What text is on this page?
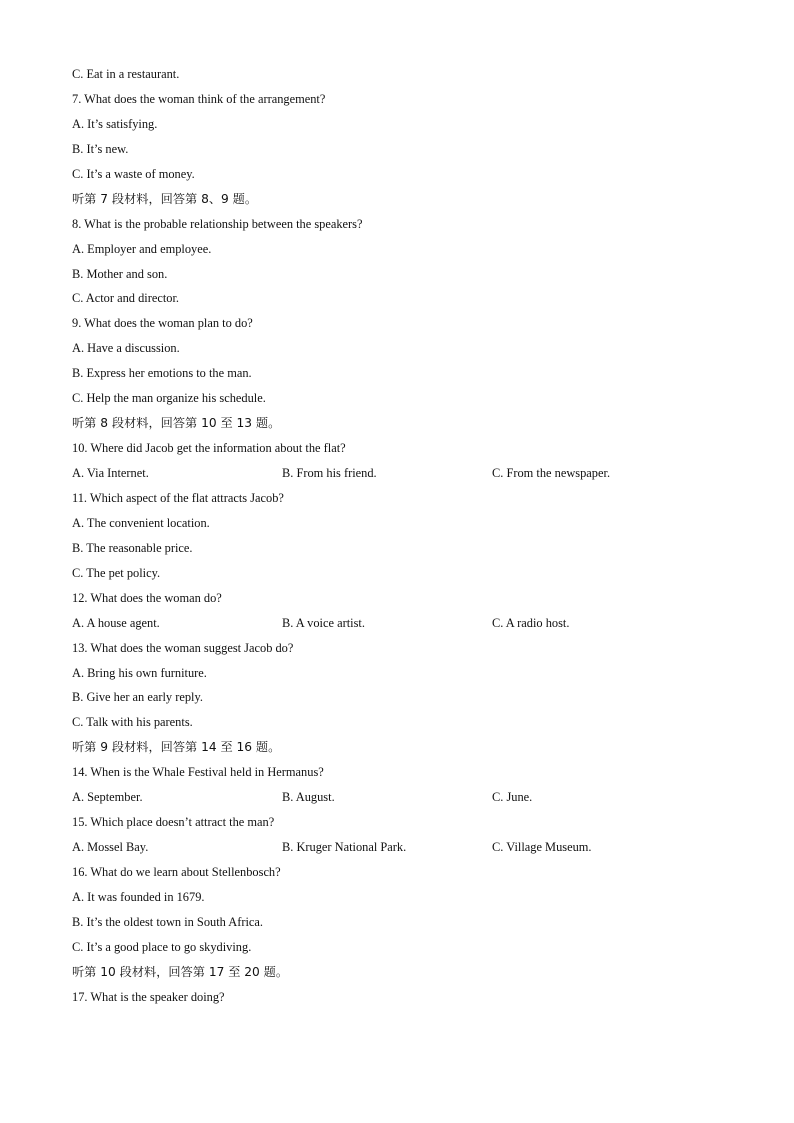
C. Eat in a restaurant.
7. What does the woman think of the arrangement?
A. It’s satisfying.
B. It’s new.
C. It’s a waste of money.
听第 7 段材料，回答第 8、9 题。
8. What is the probable relationship between the speakers?
A. Employer and employee.
B. Mother and son.
C. Actor and director.
9. What does the woman plan to do?
A. Have a discussion.
B. Express her emotions to the man.
C. Help the man organize his schedule.
听第 8 段材料，回答第 10 至 13 题。
10. Where did Jacob get the information about the flat?
A. Via Internet.	B. From his friend.	C. From the newspaper.
11. Which aspect of the flat attracts Jacob?
A. The convenient location.
B. The reasonable price.
C. The pet policy.
12. What does the woman do?
A. A house agent.	B. A voice artist.	C. A radio host.
13. What does the woman suggest Jacob do?
A. Bring his own furniture.
B. Give her an early reply.
C. Talk with his parents.
听第 9 段材料，回答第 14 至 16 题。
14. When is the Whale Festival held in Hermanus?
A. September.	B. August.	C. June.
15. Which place doesn’t attract the man?
A. Mossel Bay.	B. Kruger National Park.	C. Village Museum.
16. What do we learn about Stellenbosch?
A. It was founded in 1679.
B. It’s the oldest town in South Africa.
C. It’s a good place to go skydiving.
听第 10 段材料，回答第 17 至 20 题。
17. What is the speaker doing?
